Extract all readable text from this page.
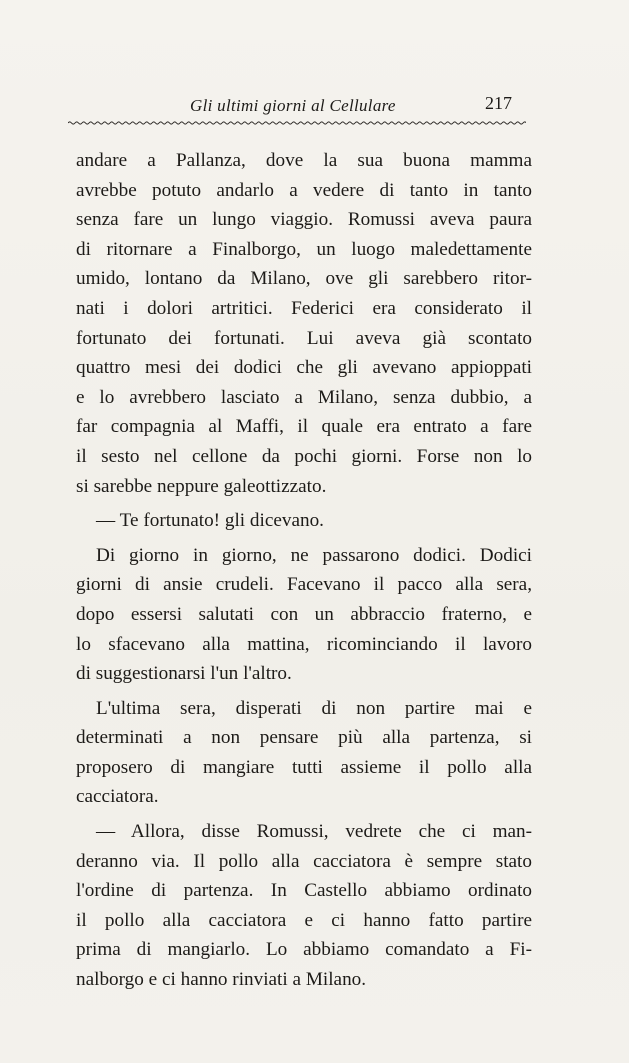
Gli ultimi giorni al Cellulare	217

andare a Pallanza, dove la sua buona mamma
avrebbe potuto andarlo a vedere di tanto in tanto
senza fare un lungo viaggio. Romussi aveva paura
di ritornare a Finalborgo, un luogo maledettamente
umido, lontano da Milano, ove gli sarebbero ritor-
nati i dolori artritici. Federici era considerato il
fortunato dei fortunati. Lui aveva già scontato
quattro mesi dei dodici che gli avevano appioppati
e lo avrebbero lasciato a Milano, senza dubbio, a
far compagnia al Maffi, il quale era entrato a fare
il sesto nel cellone da pochi giorni. Forse non lo
si sarebbe neppure galeottizzato.

— Te fortunato! gli dicevano.

Di giorno in giorno, ne passarono dodici. Dodici
giorni di ansie crudeli. Facevano il pacco alla sera,
dopo essersi salutati con un abbraccio fraterno, e
lo sfacevano alla mattina, ricominciando il lavoro
di suggestionarsi l'un l'altro.

L'ultima sera, disperati di non partire mai e
determinati a non pensare più alla partenza, si
proposero di mangiare tutti assieme il pollo alla
cacciatora.

— Allora, disse Romussi, vedrete che ci man-
deranno via. Il pollo alla cacciatora è sempre stato
l'ordine di partenza. In Castello abbiamo ordinato
il pollo alla cacciatora e ci hanno fatto partire
prima di mangiarlo. Lo abbiamo comandato a Fi-
nalborgo e ci hanno rinviati a Milano.
